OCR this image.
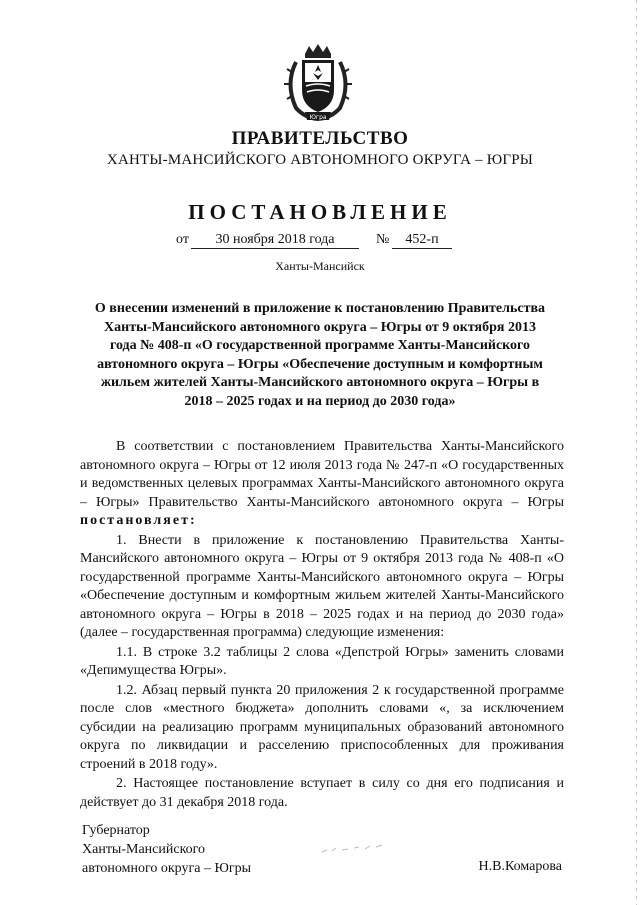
Югра
ПРАВИТЕЛЬСТВО
ХАНТЫ-МАНСИЙСКОГО АВТОНОМНОГО ОКРУГА – ЮГРЫ
ПОСТАНОВЛЕНИЕ
от	30 ноября 2018 года	№	452-п
Ханты-Мансийск
О внесении изменений в приложение к постановлению Правительства Ханты-Мансийского автономного округа – Югры от 9 октября 2013 года № 408-п «О государственной программе Ханты-Мансийского автономного округа – Югры «Обеспечение доступным и комфортным жильем жителей Ханты-Мансийского автономного округа – Югры в 2018 – 2025 годах и на период до 2030 года»

В соответствии с постановлением Правительства Ханты-Мансийского автономного округа – Югры от 12 июля 2013 года № 247-п «О государственных и ведомственных целевых программах Ханты-Мансийского автономного округа – Югры» Правительство Ханты-Мансийского автономного округа – Югры постановляет:

1. Внести в приложение к постановлению Правительства Ханты-Мансийского автономного округа – Югры от 9 октября 2013 года № 408-п «О государственной программе Ханты-Мансийского автономного округа – Югры «Обеспечение доступным и комфортным жильем жителей Ханты-Мансийского автономного округа – Югры в 2018 – 2025 годах и на период до 2030 года» (далее – государственная программа) следующие изменения:

1.1. В строке 3.2 таблицы 2 слова «Депстрой Югры» заменить словами «Депимущества Югры».

1.2. Абзац первый пункта 20 приложения 2 к государственной программе после слов «местного бюджета» дополнить словами «, за исключением субсидии на реализацию программ муниципальных образований автономного округа по ликвидации и расселению приспособленных для проживания строений в 2018 году».

2. Настоящее постановление вступает в силу со дня его подписания и действует до 31 декабря 2018 года.

Губернатор
Ханты-Мансийского
автономного округа – Югры	Н.В.Комарова
